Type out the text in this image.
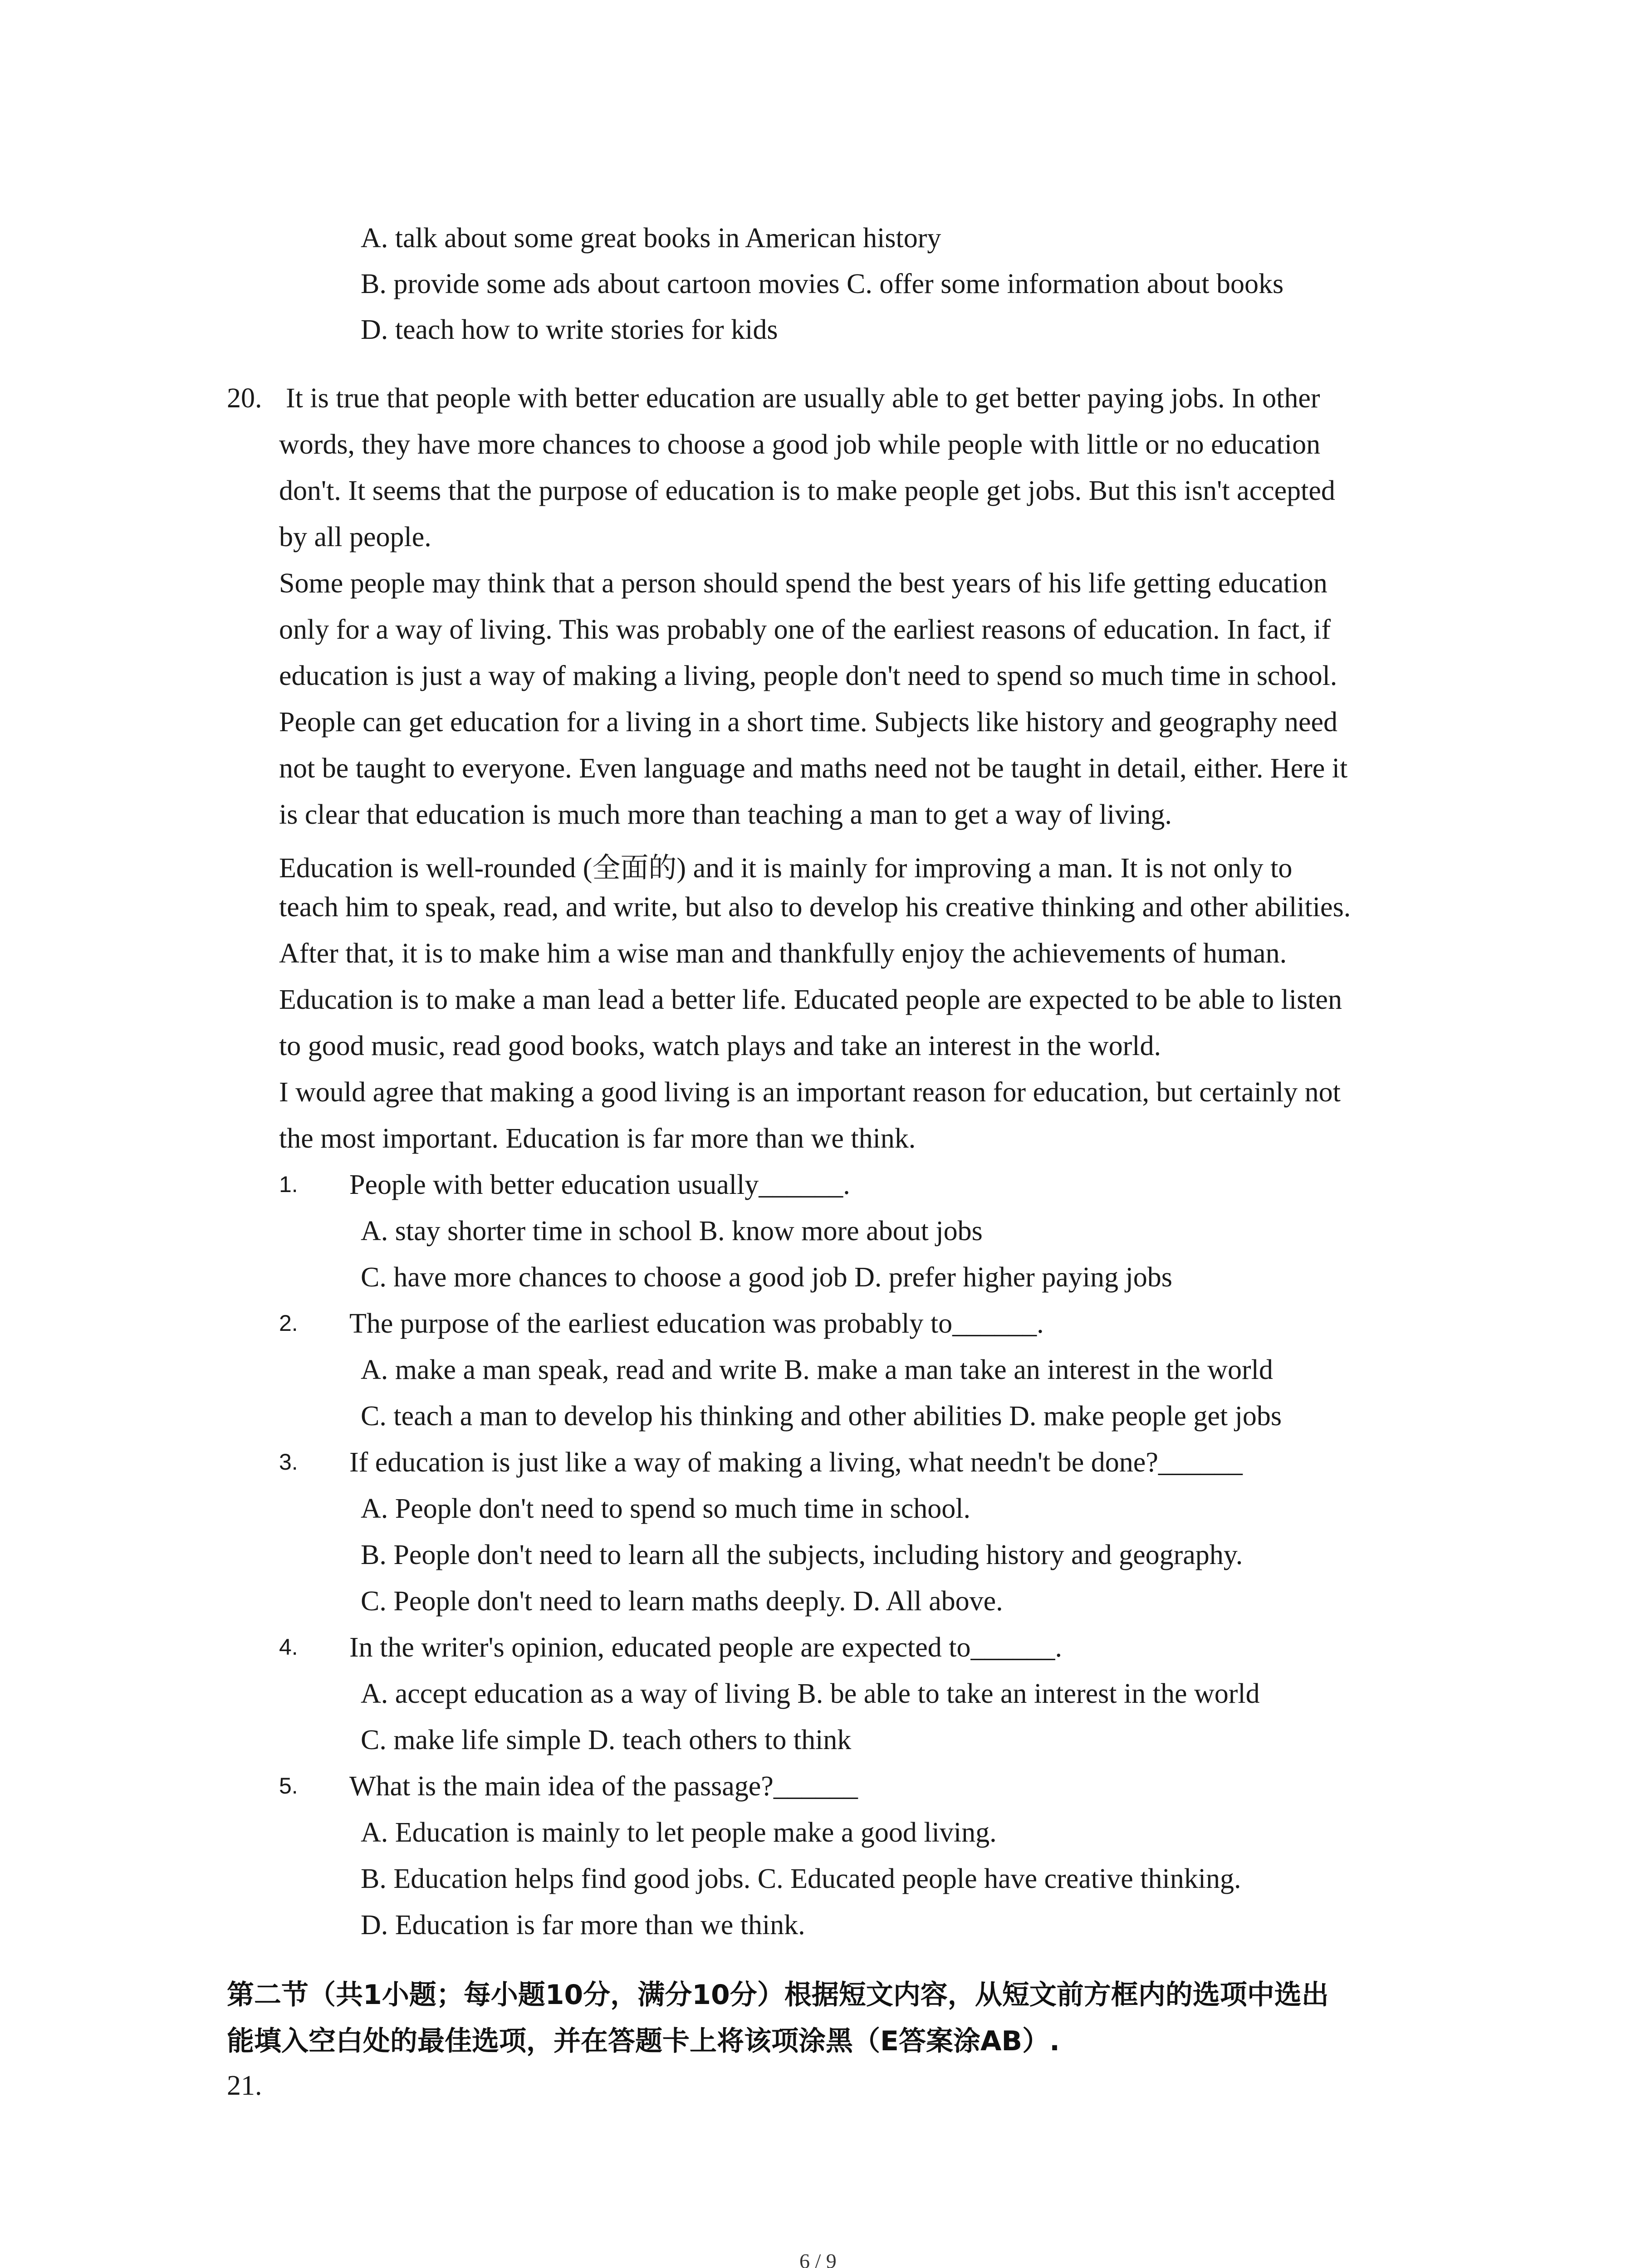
A. talk about some great books in American history
B. provide some ads about cartoon movies C. offer some information about books
D. teach how to write stories for kids
20. It is true that people with better education are usually able to get better paying jobs. In other
words, they have more chances to choose a good job while people with little or no education
don't. It seems that the purpose of education is to make people get jobs. But this isn't accepted
by all people.
Some people may think that a person should spend the best years of his life getting education
only for a way of living. This was probably one of the earliest reasons of education. In fact, if
education is just a way of making a living, people don't need to spend so much time in school.
People can get education for a living in a short time. Subjects like history and geography need
not be taught to everyone. Even language and maths need not be taught in detail, either. Here it
is clear that education is much more than teaching a man to get a way of living.
Education is well-rounded (全面的) and it is mainly for improving a man. It is not only to
teach him to speak, read, and write, but also to develop his creative thinking and other abilities.
After that, it is to make him a wise man and thankfully enjoy the achievements of human.
Education is to make a man lead a better life. Educated people are expected to be able to listen
to good music, read good books, watch plays and take an interest in the world.
I would agree that making a good living is an important reason for education, but certainly not
the most important. Education is far more than we think.
1. People with better education usually______.
A. stay shorter time in school B. know more about jobs
C. have more chances to choose a good job D. prefer higher paying jobs
2. The purpose of the earliest education was probably to______.
A. make a man speak, read and write B. make a man take an interest in the world
C. teach a man to develop his thinking and other abilities D. make people get jobs
3. If education is just like a way of making a living, what needn't be done?______
A. People don't need to spend so much time in school.
B. People don't need to learn all the subjects, including history and geography.
C. People don't need to learn maths deeply. D. All above.
4. In the writer's opinion, educated people are expected to______.
A. accept education as a way of living B. be able to take an interest in the world
C. make life simple D. teach others to think
5. What is the main idea of the passage?______
A. Education is mainly to let people make a good living.
B. Education helps find good jobs. C. Educated people have creative thinking.
D. Education is far more than we think.
第二节（共1小题；每小题10分，满分10分）根据短文内容，从短文前方框内的选项中选出
能填入空白处的最佳选项，并在答题卡上将该项涂黑（E答案涂AB）.
21.
6 / 9
